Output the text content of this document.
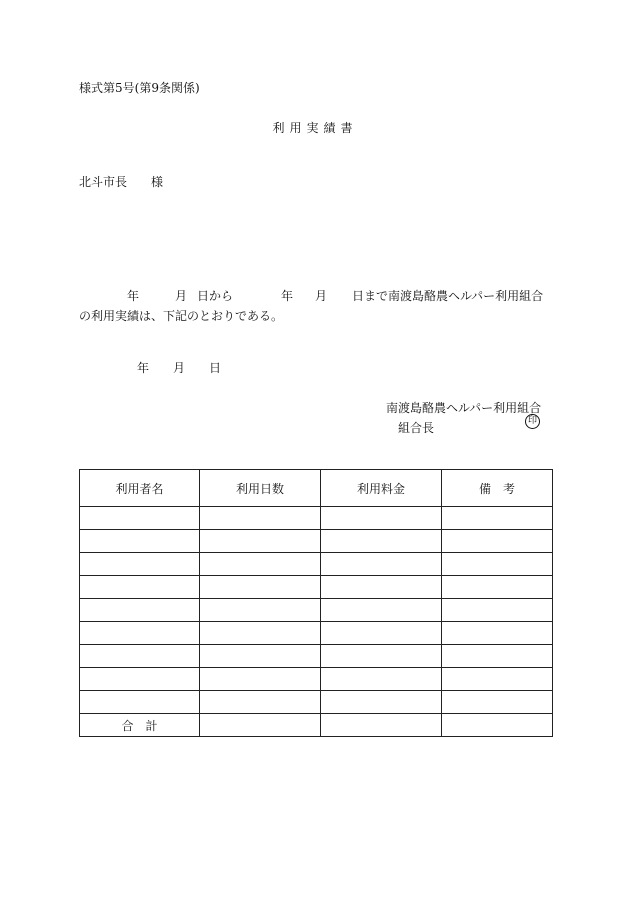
様式第5号(第9条関係)
利用実績書
北斗市長　　様
年	月 日から	年 月 日まで南渡島酪農ヘルパー利用組合
の利用実績は、下記のとおりである。
年 月 日
南渡島酪農ヘルパー利用組合
組合長	印
利用者名	利用日数	利用料金	備　考

合　計			
